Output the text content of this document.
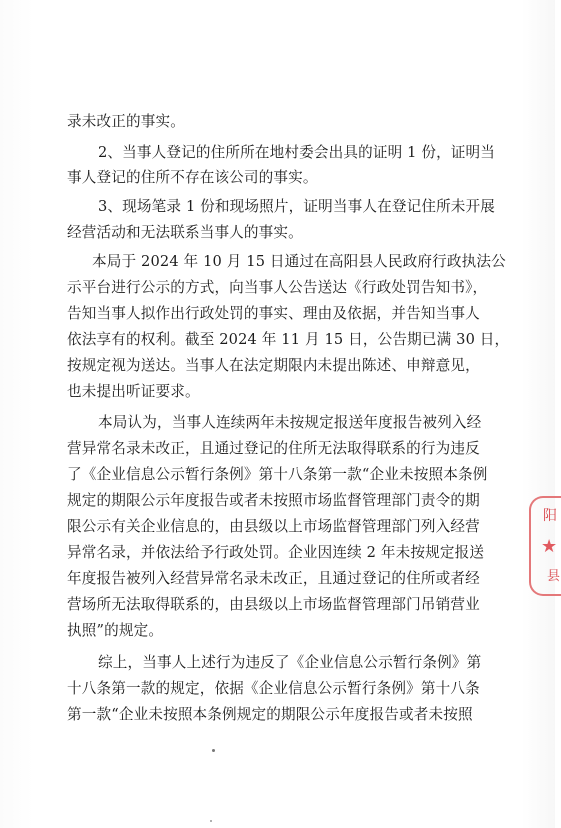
录未改正的事实。
2、当事人登记的住所所在地村委会出具的证明 1 份，证明当
事人登记的住所不存在该公司的事实。
3、现场笔录 1 份和现场照片，证明当事人在登记住所未开展
经营活动和无法联系当事人的事实。
本局于 2024 年 10 月 15 日通过在高阳县人民政府行政执法公
示平台进行公示的方式，向当事人公告送达《行政处罚告知书》，
告知当事人拟作出行政处罚的事实、理由及依据，并告知当事人
依法享有的权利。截至 2024 年 11 月 15 日，公告期已满 30 日，
按规定视为送达。当事人在法定期限内未提出陈述、申辩意见，
也未提出听证要求。
本局认为，当事人连续两年未按规定报送年度报告被列入经
营异常名录未改正，且通过登记的住所无法取得联系的行为违反
了《企业信息公示暂行条例》第十八条第一款“企业未按照本条例
规定的期限公示年度报告或者未按照市场监督管理部门责令的期
限公示有关企业信息的，由县级以上市场监督管理部门列入经营
异常名录，并依法给予行政处罚。企业因连续 2 年未按规定报送
年度报告被列入经营异常名录未改正，且通过登记的住所或者经
营场所无法取得联系的，由县级以上市场监督管理部门吊销营业
执照”的规定。
综上，当事人上述行为违反了《企业信息公示暂行条例》第
十八条第一款的规定，依据《企业信息公示暂行条例》第十八条
第一款“企业未按照本条例规定的期限公示年度报告或者未按照
阳
★
县
